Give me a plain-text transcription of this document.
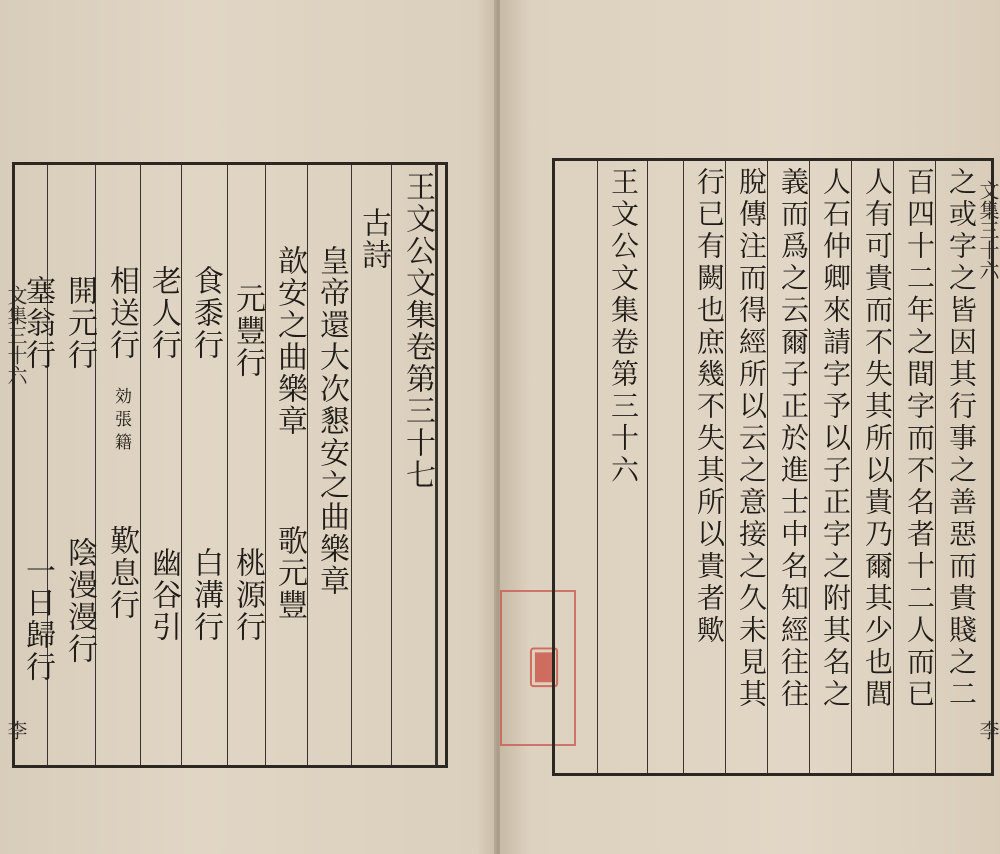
文集三十六
李
王文公文集卷第三十七
古詩
皇帝還大次懇安之曲樂章
歆安之曲樂章
歌元豐
元豐行
桃源行
食黍行
白溝行
老人行
幽谷引
相送行
効張籍
歎息行
開元行
陰漫漫行
塞翁行
一日歸行	🂠
王文公文集卷第三十六	之或字之皆因其行事之善惡而貴賤之二
百四十二年之間字而不名者十二人而已
人有可貴而不失其所以貴乃爾其少也閭
人石仲卿來請字予以子正字之附其名之
義而爲之云爾子正於進士中名知經往往
脫傳注而得經所以云之意接之久未見其
行已有闕也庶幾不失其所以貴者歟	文集三十六
李
